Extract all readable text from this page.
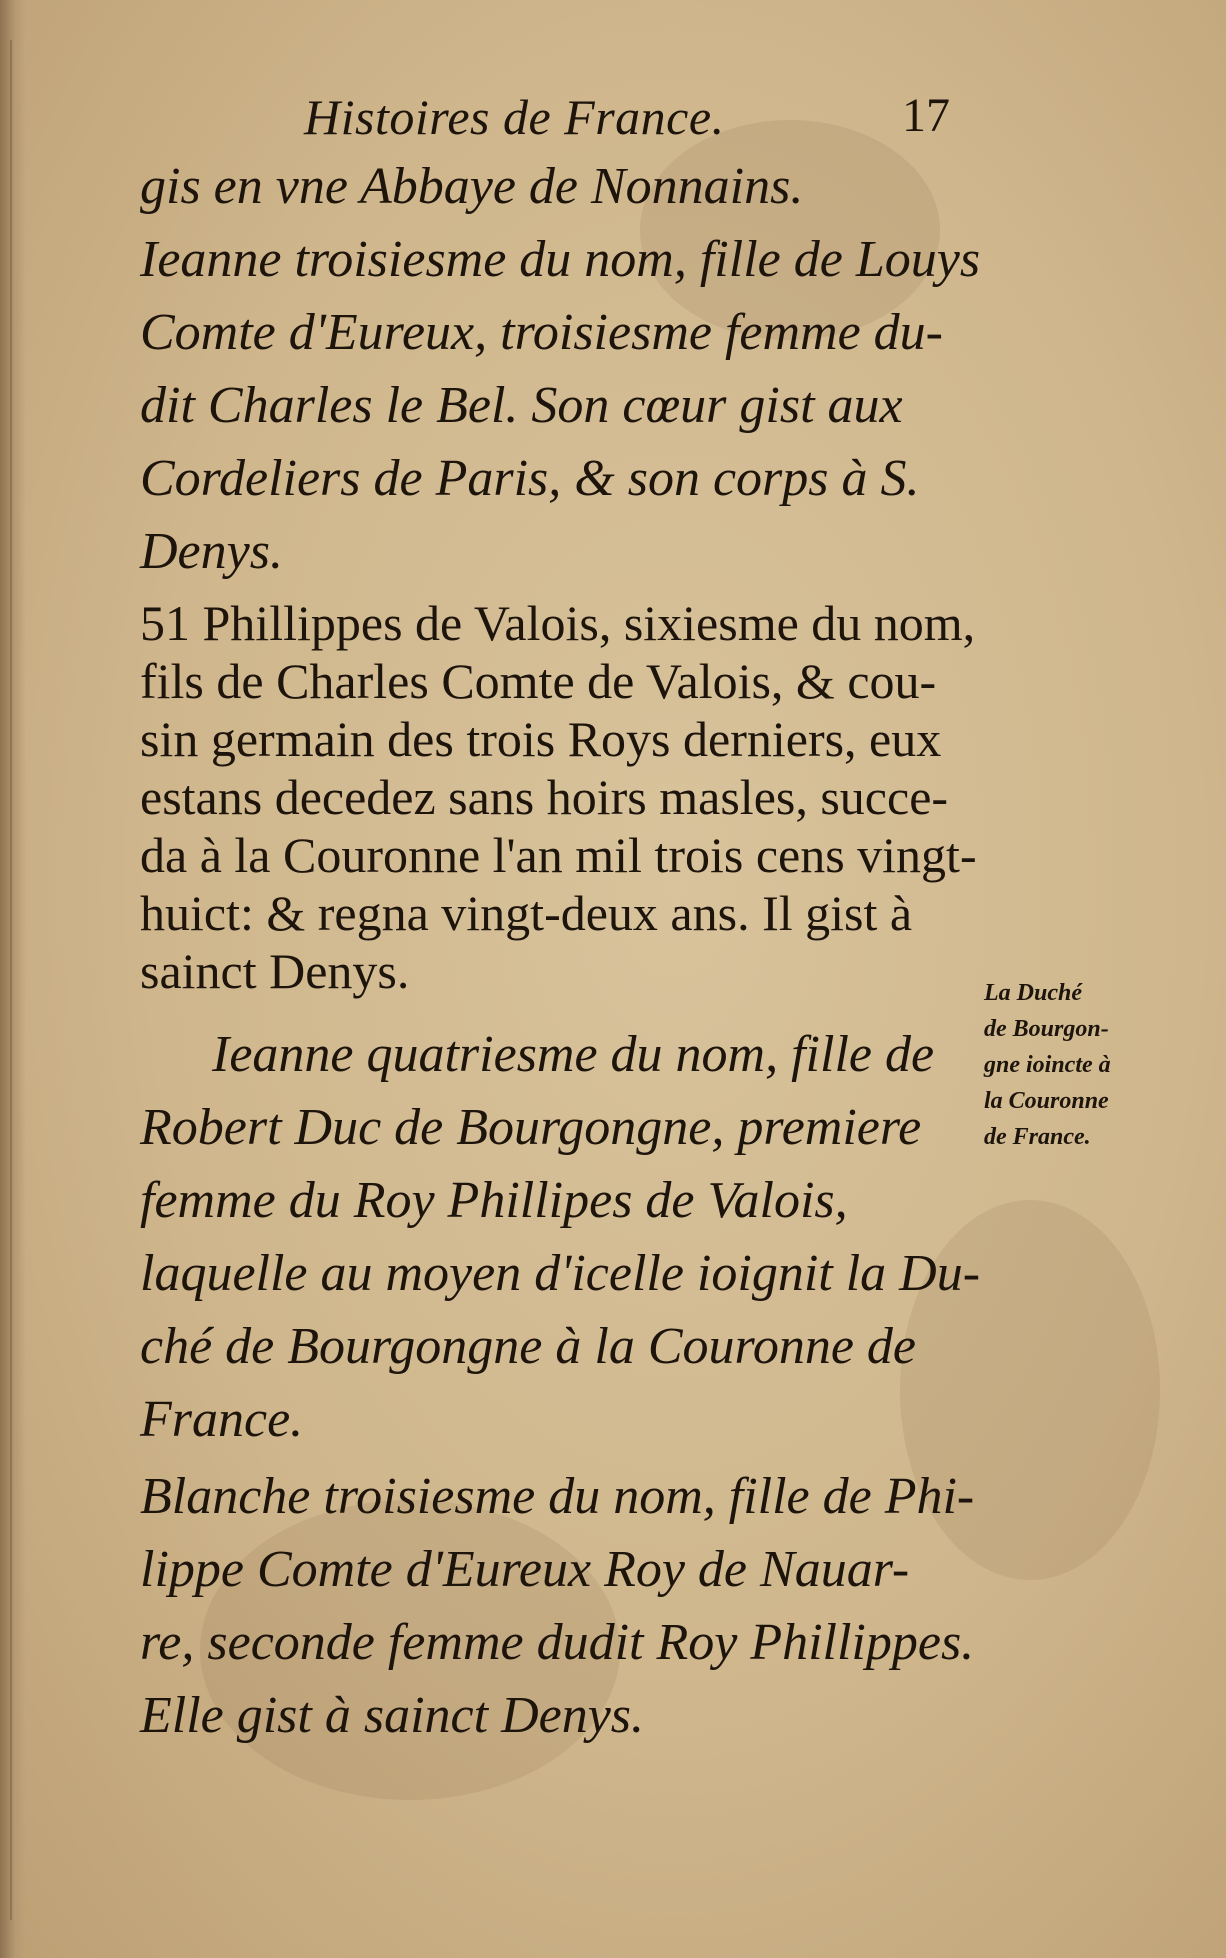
Histoires de France.	17
gis en vne Abbaye de Nonnains.
Ieanne troisiesme du nom, fille de Louys
Comte d'Eureux, troisiesme femme du-
dit Charles le Bel. Son cœur gist aux
Cordeliers de Paris, & son corps à S.
Denys.
51 Phillippes de Valois, sixiesme du nom,
fils de Charles Comte de Valois, & cou-
sin germain des trois Roys derniers, eux
estans decedez sans hoirs masles, succe-
da à la Couronne l'an mil trois cens vingt-
huict: & regna vingt-deux ans. Il gist à
sainct Denys.
Ieanne quatriesme du nom, fille de
Robert Duc de Bourgongne, premiere
femme du Roy Phillipes de Valois,
laquelle au moyen d'icelle ioignit la Du-
ché de Bourgongne à la Couronne de
France.
Blanche troisiesme du nom, fille de Phi-
lippe Comte d'Eureux Roy de Nauar-
re, seconde femme dudit Roy Phillippes.
Elle gist à sainct Denys.
La Duché
de Bourgon-
gne ioincte à
la Couronne
de France.
